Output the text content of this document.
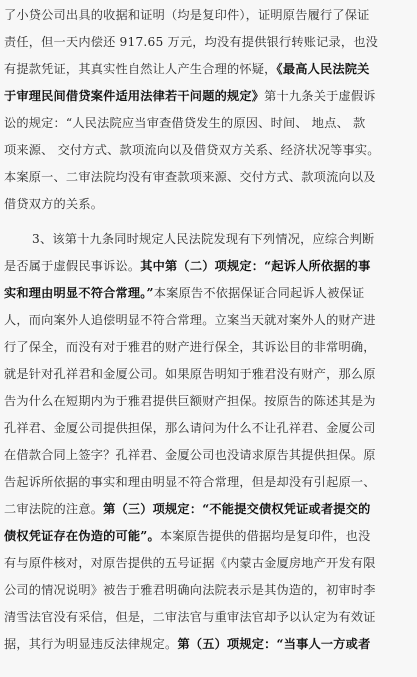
了小贷公司出具的收据和证明（均是复印件），证明原告履行了保证
责任，但一天内偿还 917.65 万元，均没有提供银行转账记录，也没
有提款凭证，其真实性自然让人产生合理的怀疑，《最高人民法院关
于审理民间借贷案件适用法律若干问题的规定》第十九条关于虚假诉
讼的规定：“人民法院应当审查借贷发生的原因、时间、 地点、 款
项来源、 交付方式、款项流向以及借贷双方关系、经济状况等事实。
本案原一、二审法院均没有审查款项来源、交付方式、款项流向以及
借贷双方的关系。
3、该第十九条同时规定人民法院发现有下列情况，应综合判断
是否属于虚假民事诉讼。其中第（二）项规定：“起诉人所依据的事
实和理由明显不符合常理。”本案原告不依据保证合同起诉人被保证
人，而向案外人追偿明显不符合常理。立案当天就对案外人的财产进
行了保全，而没有对于雅君的财产进行保全，其诉讼目的非常明确，
就是针对孔祥君和金厦公司。如果原告明知于雅君没有财产，那么原
告为什么在短期内为于雅君提供巨额财产担保。按原告的陈述其是为
孔祥君、金厦公司提供担保，那么请问为什么不让孔祥君、金厦公司
在借款合同上签字？孔祥君、金厦公司也没请求原告其提供担保。原
告起诉所依据的事实和理由明显不符合常理，但是却没有引起原一、
二审法院的注意。第（三）项规定：“不能提交债权凭证或者提交的
债权凭证存在伪造的可能”。本案原告提供的借据均是复印件，也没
有与原件核对，对原告提供的五号证据《内蒙古金厦房地产开发有限
公司的情况说明》被告于雅君明确向法院表示是其伪造的，初审时李
清雪法官没有采信，但是，二审法官与重审法官却予以认定为有效证
据，其行为明显违反法律规定。第（五）项规定：“当事人一方或者
